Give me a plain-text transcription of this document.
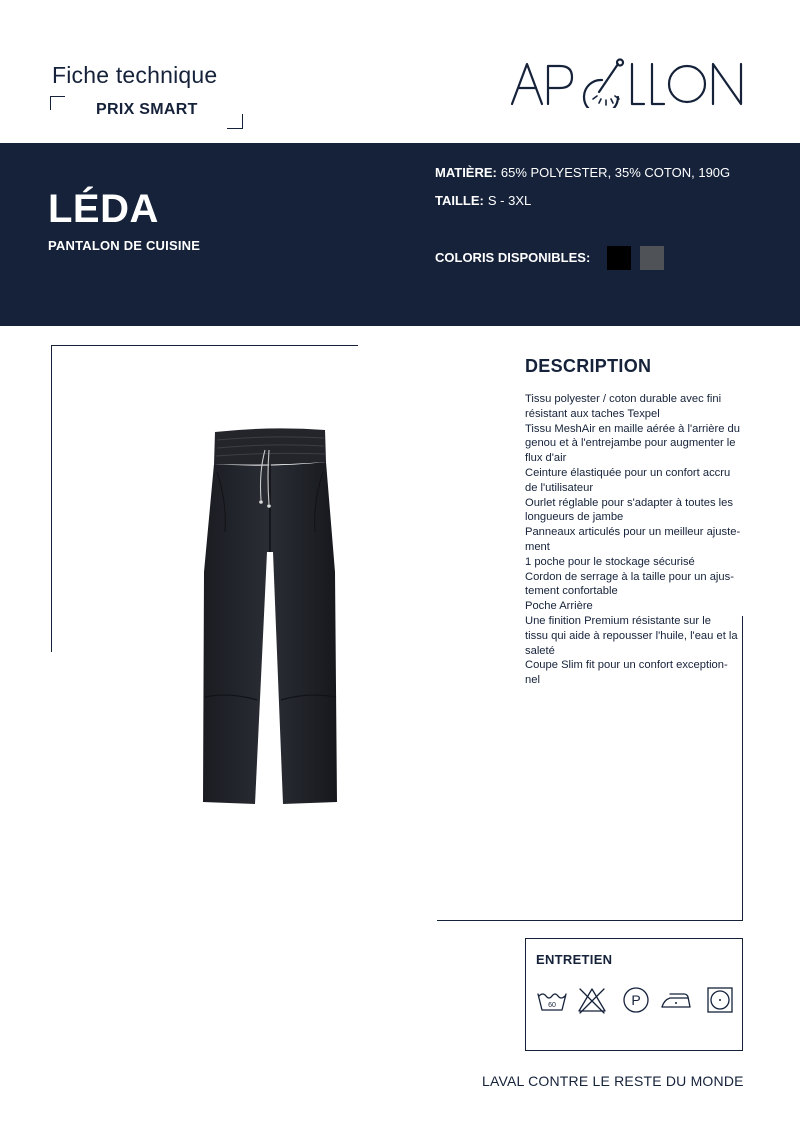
Fiche technique
PRIX SMART
LÉDA
PANTALON DE CUISINE
MATIÈRE: 65% POLYESTER, 35% COTON, 190G
TAILLE: S - 3XL
COLORIS DISPONIBLES:
DESCRIPTION
Tissu polyester / coton durable avec fini
résistant aux taches Texpel
Tissu MeshAir en maille aérée à l'arrière du
genou et à l'entrejambe pour augmenter le
flux d'air
Ceinture élastiquée pour un confort accru
de l'utilisateur
Ourlet réglable pour s'adapter à toutes les
longueurs de jambe
Panneaux articulés pour un meilleur ajuste-
ment
1 poche pour le stockage sécurisé
Cordon de serrage à la taille pour un ajus-
tement confortable
Poche Arrière
Une finition Premium résistante sur le
tissu qui aide à repousser l'huile, l'eau et la
saleté
Coupe Slim fit pour un confort exception-
nel
ENTRETIEN
60	P
LAVAL CONTRE LE RESTE DU MONDE
